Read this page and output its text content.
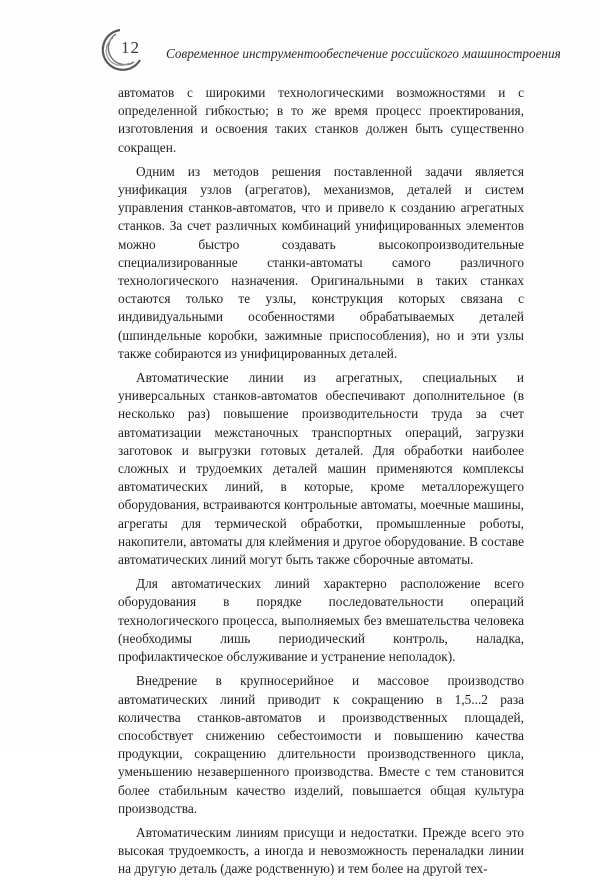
12 Современное инструментообеспечение российского машиностроения

автоматов с широкими технологическими возможностями и с определенной гибкостью; в то же время процесс проектирования, изготовления и освоения таких станков должен быть существенно сокращен.

Одним из методов решения поставленной задачи является унификация узлов (агрегатов), механизмов, деталей и систем управления станков-автоматов, что и привело к созданию агрегатных станков. За счет различных комбинаций унифицированных элементов можно быстро создавать высокопроизводительные специализированные станки-автоматы самого различного технологического назначения. Оригинальными в таких станках остаются только те узлы, конструкция которых связана с индивидуальными особенностями обрабатываемых деталей (шпиндельные коробки, зажимные приспособления), но и эти узлы также собираются из унифицированных деталей.

Автоматические линии из агрегатных, специальных и универсальных станков-автоматов обеспечивают дополнительное (в несколько раз) повышение производительности труда за счет автоматизации межстаночных транспортных операций, загрузки заготовок и выгрузки готовых деталей. Для обработки наиболее сложных и трудоемких деталей машин применяются комплексы автоматических линий, в которые, кроме металлорежущего оборудования, встраиваются контрольные автоматы, моечные машины, агрегаты для термической обработки, промышленные роботы, накопители, автоматы для клеймения и другое оборудование. В составе автоматических линий могут быть также сборочные автоматы.

Для автоматических линий характерно расположение всего оборудования в порядке последовательности операций технологического процесса, выполняемых без вмешательства человека (необходимы лишь периодический контроль, наладка, профилактическое обслуживание и устранение неполадок).

Внедрение в крупносерийное и массовое производство автоматических линий приводит к сокращению в 1,5...2 раза количества станков-автоматов и производственных площадей, способствует снижению себестоимости и повышению качества продукции, сокращению длительности производственного цикла, уменьшению незавершенного производства. Вместе с тем становится более стабильным качество изделий, повышается общая культура производства.

Автоматическим линиям присущи и недостатки. Прежде всего это высокая трудоемкость, а иногда и невозможность переналадки линии на другую деталь (даже родственную) и тем более на другой тех-
